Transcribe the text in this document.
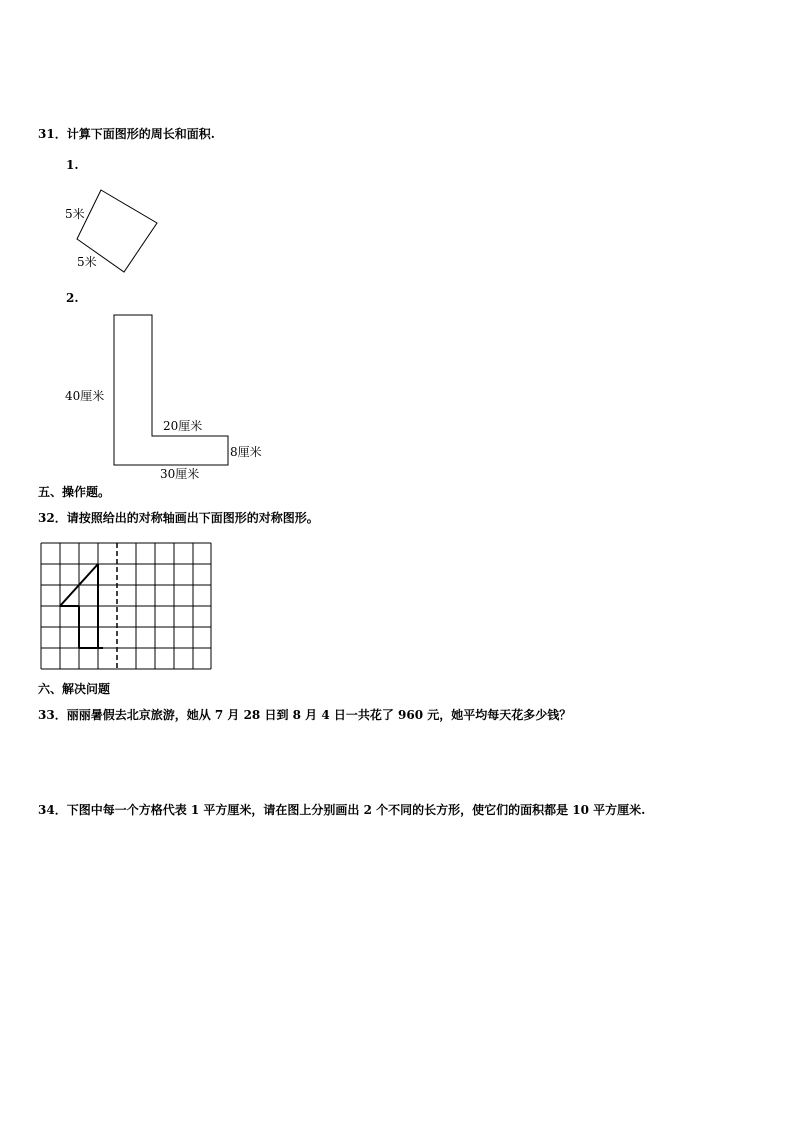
31．计算下面图形的周长和面积.
1.
5米
5米
2.
40厘米
20厘米
8厘米
30厘米
五、操作题。
32．请按照给出的对称轴画出下面图形的对称图形。
六、解决问题
33．丽丽暑假去北京旅游，她从 7 月 28 日到 8 月 4 日一共花了 960 元，她平均每天花多少钱？
34．下图中每一个方格代表 1 平方厘米，请在图上分别画出 2 个不同的长方形，使它们的面积都是 10 平方厘米.
